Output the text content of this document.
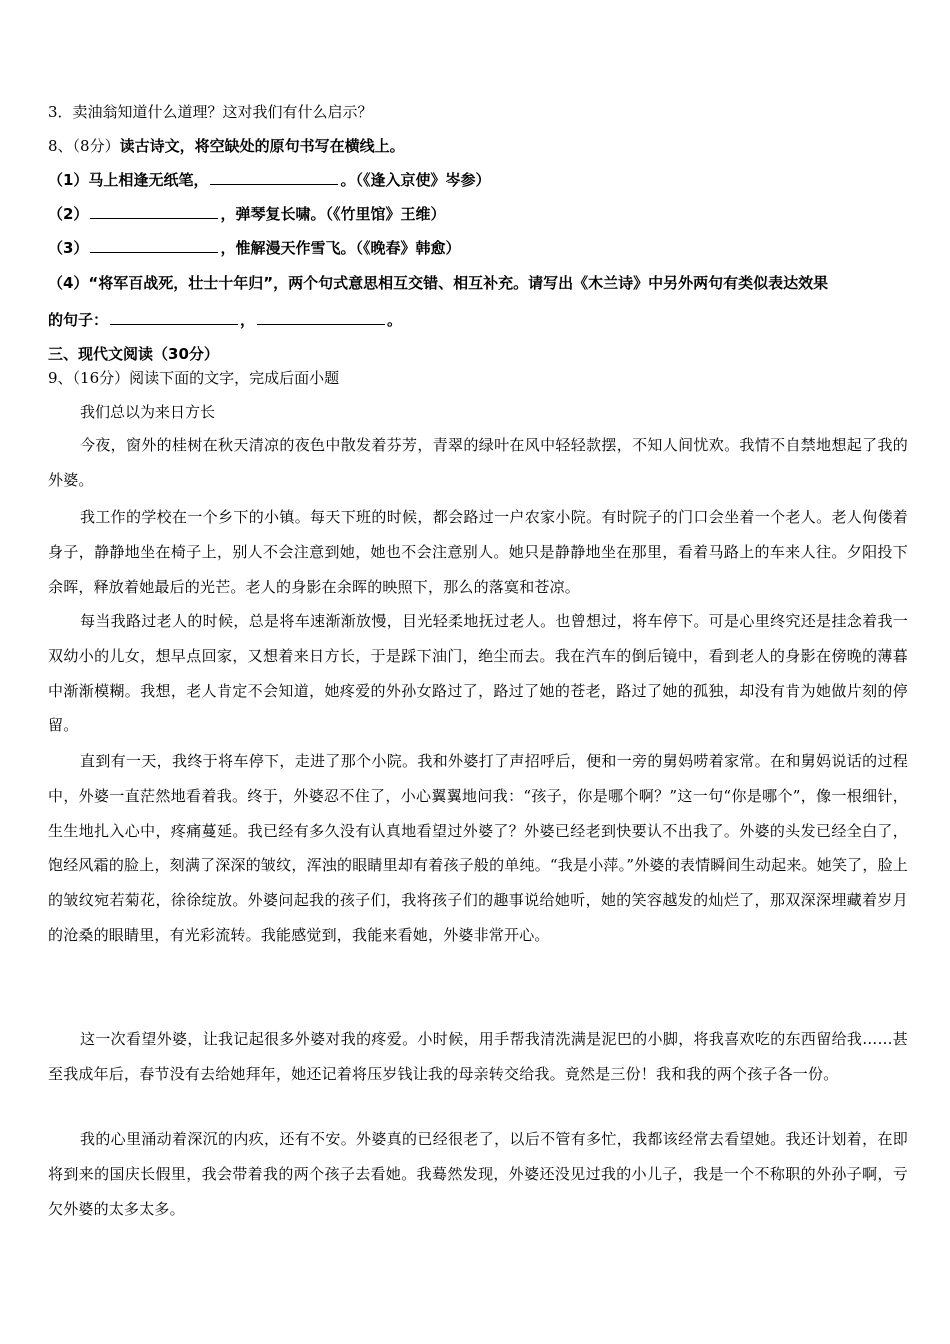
3．卖油翁知道什么道理？这对我们有什么启示？
8、（8分）读古诗文，将空缺处的原句书写在横线上。
（1）马上相逢无纸笔，	。（《逢入京使》岑参）
（2）	，弹琴复长啸。（《竹里馆》王维）
（3）	，惟解漫天作雪飞。（《晚春》韩愈）
（4）“将军百战死，壮士十年归”，两个句式意思相互交错、相互补充。请写出《木兰诗》中另外两句有类似表达效果
的句子：	，	。
三、现代文阅读（30分）
9、（16分）阅读下面的文字，完成后面小题
我们总以为来日方长
今夜，窗外的桂树在秋天清凉的夜色中散发着芬芳，青翠的绿叶在风中轻轻款摆，不知人间忧欢。我情不自禁地想起了我的外婆。
我工作的学校在一个乡下的小镇。每天下班的时候，都会路过一户农家小院。有时院子的门口会坐着一个老人。老人佝偻着身子，静静地坐在椅子上，别人不会注意到她，她也不会注意别人。她只是静静地坐在那里，看着马路上的车来人往。夕阳投下余晖，释放着她最后的光芒。老人的身影在余晖的映照下，那么的落寞和苍凉。
每当我路过老人的时候，总是将车速渐渐放慢，目光轻柔地抚过老人。也曾想过，将车停下。可是心里终究还是挂念着我一双幼小的儿女，想早点回家，又想着来日方长，于是踩下油门，绝尘而去。我在汽车的倒后镜中，看到老人的身影在傍晚的薄暮中渐渐模糊。我想，老人肯定不会知道，她疼爱的外孙女路过了，路过了她的苍老，路过了她的孤独，却没有肯为她做片刻的停留。
直到有一天，我终于将车停下，走进了那个小院。我和外婆打了声招呼后，便和一旁的舅妈唠着家常。在和舅妈说话的过程中，外婆一直茫然地看着我。终于，外婆忍不住了，小心翼翼地问我：“孩子，你是哪个啊？”这一句“你是哪个”，像一根细针，生生地扎入心中，疼痛蔓延。我已经有多久没有认真地看望过外婆了？外婆已经老到快要认不出我了。外婆的头发已经全白了，饱经风霜的脸上，刻满了深深的皱纹，浑浊的眼睛里却有着孩子般的单纯。“我是小萍。”外婆的表情瞬间生动起来。她笑了，脸上的皱纹宛若菊花，徐徐绽放。外婆问起我的孩子们，我将孩子们的趣事说给她听，她的笑容越发的灿烂了，那双深深埋藏着岁月的沧桑的眼睛里，有光彩流转。我能感觉到，我能来看她，外婆非常开心。
这一次看望外婆，让我记起很多外婆对我的疼爱。小时候，用手帮我清洗满是泥巴的小脚，将我喜欢吃的东西留给我……甚至我成年后，春节没有去给她拜年，她还记着将压岁钱让我的母亲转交给我。竟然是三份！我和我的两个孩子各一份。
我的心里涌动着深沉的内疚，还有不安。外婆真的已经很老了，以后不管有多忙，我都该经常去看望她。我还计划着，在即将到来的国庆长假里，我会带着我的两个孩子去看她。我蓦然发现，外婆还没见过我的小儿子，我是一个不称职的外孙子啊，亏欠外婆的太多太多。
